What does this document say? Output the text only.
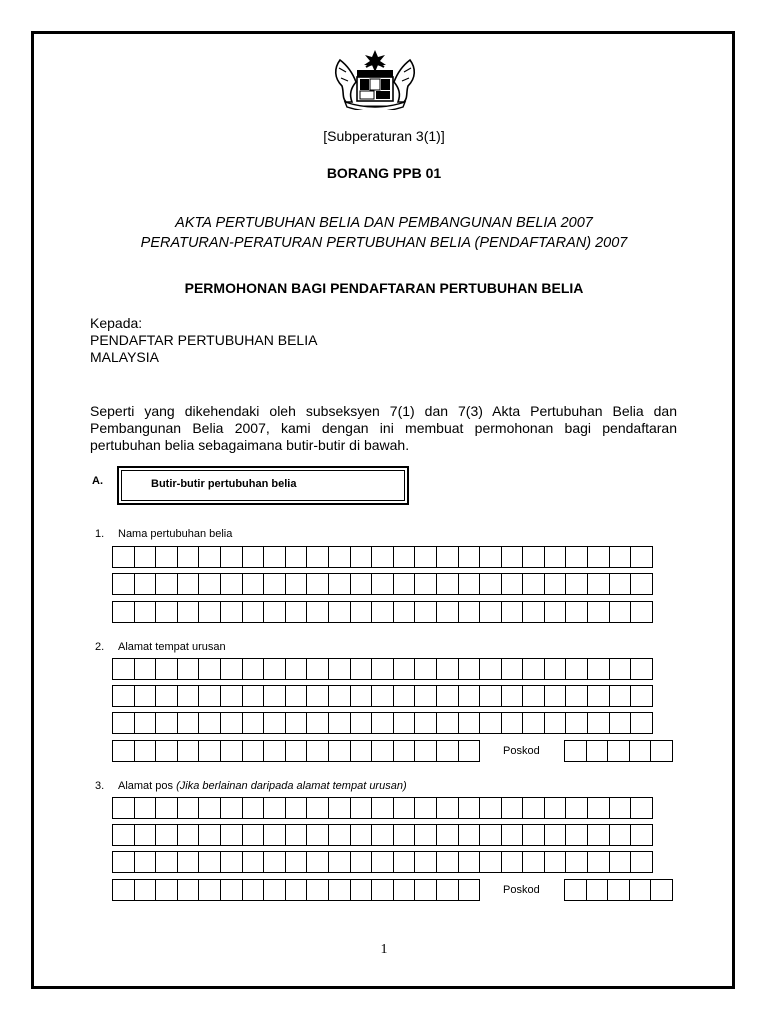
[Subperaturan 3(1)]
BORANG PPB 01
AKTA PERTUBUHAN BELIA DAN PEMBANGUNAN BELIA 2007
PERATURAN-PERATURAN PERTUBUHAN BELIA (PENDAFTARAN) 2007
PERMOHONAN BAGI PENDAFTARAN PERTUBUHAN BELIA
Kepada:
PENDAFTAR PERTUBUHAN BELIA
MALAYSIA
Seperti yang dikehendaki oleh subseksyen 7(1) dan 7(3) Akta Pertubuhan Belia dan Pembangunan Belia 2007, kami dengan ini membuat permohonan bagi pendaftaran pertubuhan belia sebagaimana butir-butir di bawah.
A.	Butir-butir pertubuhan belia
1. Nama pertubuhan belia
2. Alamat tempat urusan
Poskod
3. Alamat pos (Jika berlainan daripada alamat tempat urusan)
Poskod
1
